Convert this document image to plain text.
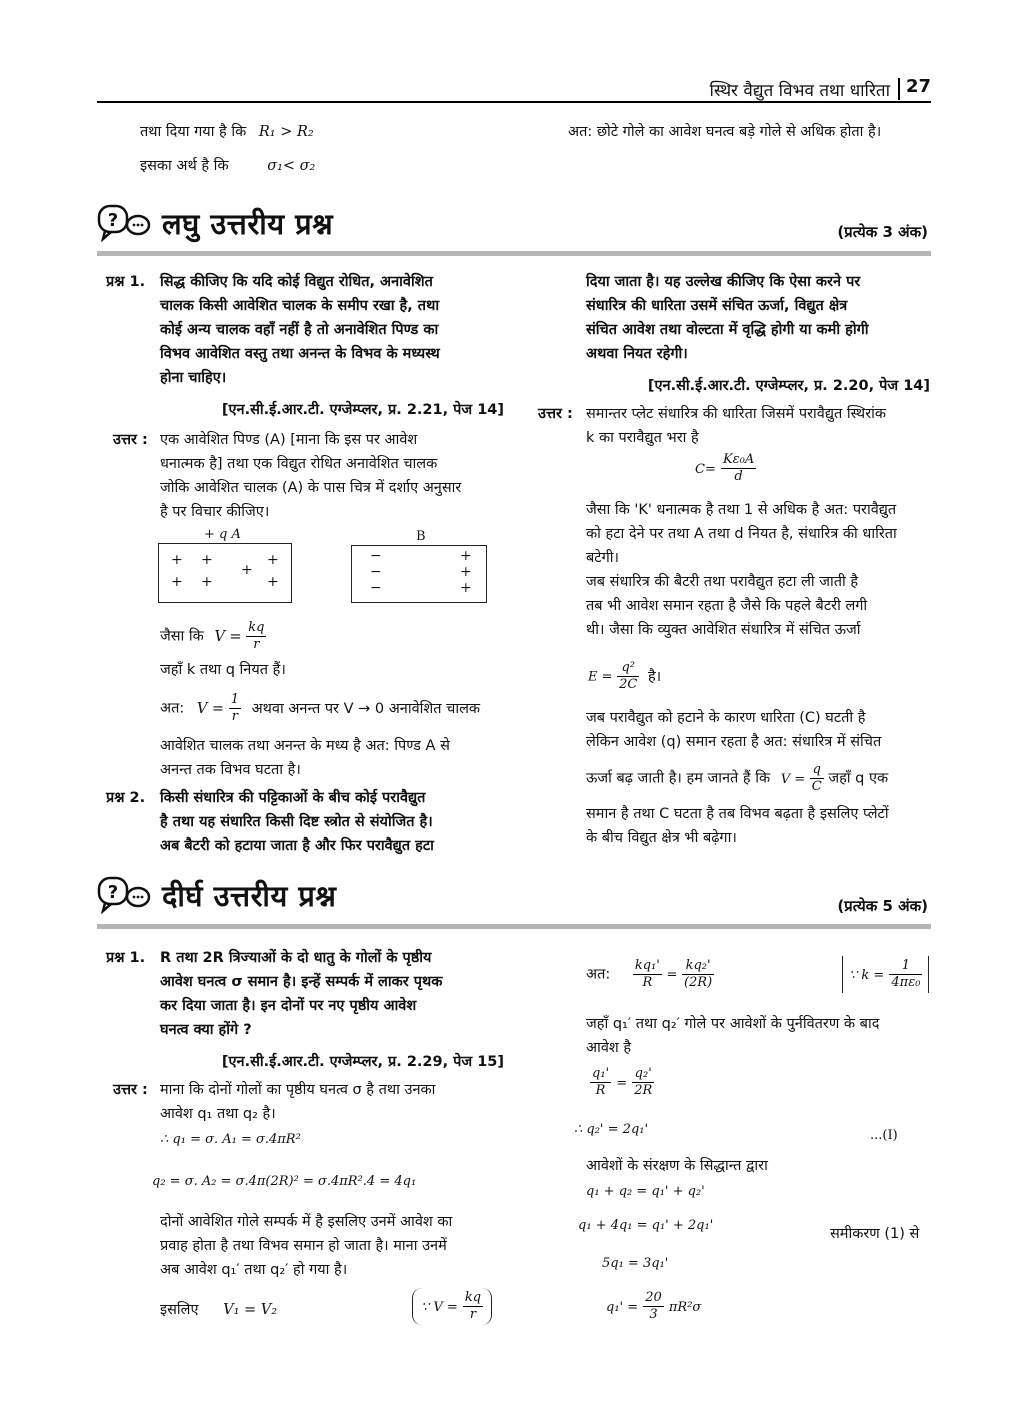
स्थिर वैद्युत विभव तथा धारिता 27
तथा दिया गया है कि R₁ > R₂
इसका अर्थ है कि	σ₁< σ₂
अत: छोटे गोले का आवेश घनत्व बड़े गोले से अधिक होता है।
? लघु उत्तरीय प्रश्न	(प्रत्येक 3 अंक)
प्रश्न 1. सिद्ध कीजिए कि यदि कोई विद्युत रोधित, अनावेशित
चालक किसी आवेशित चालक के समीप रखा है, तथा
कोई अन्य चालक वहाँ नहीं है तो अनावेशित पिण्ड का
विभव आवेशित वस्तु तथा अनन्त के विभव के मध्यस्थ
होना चाहिए।
[एन.सी.ई.आर.टी. एग्जेम्प्लर, प्र. 2.21, पेज 14]
उत्तर : एक आवेशित पिण्ड (A) [माना कि इस पर आवेश
धनात्मक है] तथा एक विद्युत रोधित अनावेशित चालक
जोकि आवेशित चालक (A) के पास चित्र में दर्शाए अनुसार
है पर विचार कीजिए।
+ q A	B
+ +	+
+
+ +	+
−
−
−
+
+
+
जैसा कि $V = \frac{kq}{r}$
जहाँ k तथा q नियत हैं।
अत: $V = \frac{1}{r}$ अथवा अनन्त पर V → 0 अनावेशित चालक
आवेशित चालक तथा अनन्त के मध्य है अत: पिण्ड A से
अनन्त तक विभव घटता है।
प्रश्न 2. किसी संधारित्र की पट्टिकाओं के बीच कोई परावैद्युत
है तथा यह संधारित किसी दिष्ट स्त्रोत से संयोजित है।
अब बैटरी को हटाया जाता है और फिर परावैद्युत हटा
दिया जाता है। यह उल्लेख कीजिए कि ऐसा करने पर
संधारित्र की धारिता उसमें संचित ऊर्जा, विद्युत क्षेत्र
संचित आवेश तथा वोल्टता में वृद्धि होगी या कमी होगी
अथवा नियत रहेगी।
[एन.सी.ई.आर.टी. एग्जेम्प्लर, प्र. 2.20, पेज 14]
उत्तर : समान्तर प्लेट संधारित्र की धारिता जिसमें परावैद्युत स्थिरांक
k का परावैद्युत भरा है
$C= \frac{\text{Kε₀A}}{d}$
जैसा कि 'K' धनात्मक है तथा 1 से अधिक है अत: परावैद्युत
को हटा देने पर तथा A तथा d नियत है, संधारित्र की धारिता
बटेगी।
जब संधारित्र की बैटरी तथा परावैद्युत हटा ली जाती है
तब भी आवेश समान रहता है जैसे कि पहले बैटरी लगी
थी। जैसा कि व्युक्त आवेशित संधारित्र में संचित ऊर्जा
$E = \frac{\text{q²}}{2C}$ है।
जब परावैद्युत को हटाने के कारण धारिता (C) घटती है
लेकिन आवेश (q) समान रहता है अत: संधारित्र में संचित
ऊर्जा बढ़ जाती है। हम जानते हैं कि $V = \frac{q}{C}$ जहाँ q एक
समान है तथा C घटता है तब विभव बढ़ता है इसलिए प्लेटों
के बीच विद्युत क्षेत्र भी बढ़ेगा।
? दीर्घ उत्तरीय प्रश्न	(प्रत्येक 5 अंक)
प्रश्न 1. R तथा 2R त्रिज्याओं के दो धातु के गोलों के पृष्ठीय
आवेश घनत्व σ समान है। इन्हें सम्पर्क में लाकर पृथक
कर दिया जाता है। इन दोनों पर नए पृष्ठीय आवेश
घनत्व क्या होंगे ?
[एन.सी.ई.आर.टी. एग्जेम्प्लर, प्र. 2.29, पेज 15]
उत्तर : माना कि दोनों गोलों का पृष्ठीय घनत्व σ है तथा उनका
आवेश q₁ तथा q₂ है।
∴ q₁ = σ. A₁ = σ.4πR²
q₂ = σ. A₂ = σ.4π(2R)² = σ.4πR².4 = 4q₁
दोनों आवेशित गोले सम्पर्क में है इसलिए उनमें आवेश का
प्रवाह होता है तथा विभव समान हो जाता है। माना उनमें
अब आवेश q₁′ तथा q₂′ हो गया है।
इसलिए V₁ = V₂	∵ $V = \frac{kq}{r}$
अत: $\frac{\text{kq₁'}}{R} = \frac{\text{kq₂'}}{(2R)}$	∵ $k = \frac{1}{\text{4πε₀}}$
जहाँ q₁′ तथा q₂′ गोले पर आवेशों के पुर्नवितरण के बाद
आवेश है
$\frac{\text{q₁'}}{R} = \frac{\text{q₂'}}{2R}$
∴ q₂' = 2q₁'	...(I)
आवेशों के संरक्षण के सिद्धान्त द्वारा
q₁ + q₂ = q₁' + q₂'
q₁ + 4q₁ = q₁' + 2q₁'
समीकरण (1) से
5q₁ = 3q₁'
$q_1' = \frac{20}{3} \pi R^2\sigma$
